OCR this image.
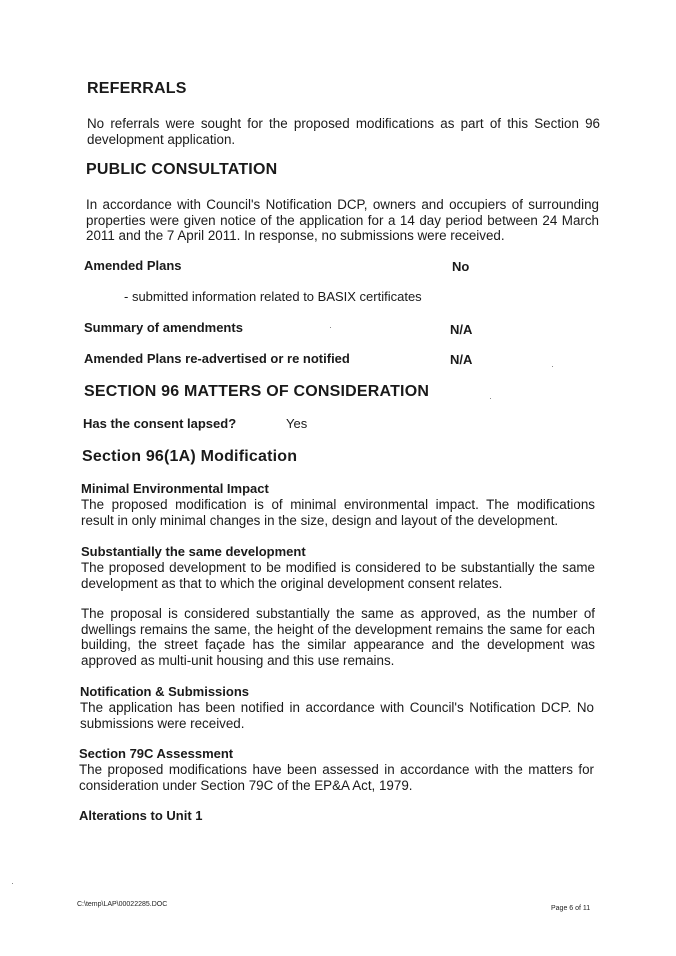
REFERRALS
No referrals were sought for the proposed modifications as part of this Section 96 development application.
PUBLIC CONSULTATION
In accordance with Council's Notification DCP, owners and occupiers of surrounding properties were given notice of the application for a 14 day period between 24 March 2011 and the 7 April 2011. In response, no submissions were received.
Amended Plans	No
- submitted information related to BASIX certificates
Summary of amendments	N/A
Amended Plans re-advertised or re notified	N/A
SECTION 96 MATTERS OF CONSIDERATION
Has the consent lapsed?	Yes
Section 96(1A) Modification
Minimal Environmental Impact
The proposed modification is of minimal environmental impact. The modifications result in only minimal changes in the size, design and layout of the development.
Substantially the same development
The proposed development to be modified is considered to be substantially the same development as that to which the original development consent relates.
The proposal is considered substantially the same as approved, as the number of dwellings remains the same, the height of the development remains the same for each building, the street façade has the similar appearance and the development was approved as multi-unit housing and this use remains.
Notification & Submissions
The application has been notified in accordance with Council's Notification DCP. No submissions were received.
Section 79C Assessment
The proposed modifications have been assessed in accordance with the matters for consideration under Section 79C of the EP&A Act, 1979.
Alterations to Unit 1
C:\temp\LAP\00022285.DOC
Page 6 of 11
